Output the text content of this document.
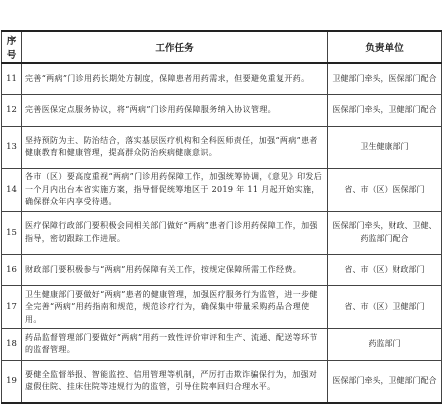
序号	工作任务	负责单位
11	完善“两病”门诊用药长期处方制度，保障患者用药需求，但要避免重复开药。	卫健部门牵头，医保部门配合
12	完善医保定点服务协议，将“两病”门诊用药保障服务纳入协议管理。	医保部门牵头，卫健部门配合
13	坚持预防为主、防治结合，落实基层医疗机构和全科医师责任，加强“两病”患者健康教育和健康管理，提高群众防治疾病健康意识。	卫生健康部门
14	各市（区）要高度重视“两病”门诊用药保障工作，加强统筹协调，《意见》印发后一个月内出台本省实施方案，指导督促统筹地区于 2019 年 11 月起开始实施，确保群众年内享受待遇。	省、市（区）医保部门
15	医疗保障行政部门要积极会同相关部门做好“两病”患者门诊用药保障工作，加强指导，密切跟踪工作进展。	医保部门牵头，财政、卫健、药监部门配合
16	财政部门要积极参与“两病”用药保障有关工作，按规定保障所需工作经费。	省、市（区）财政部门
17	卫生健康部门要做好“两病”患者的健康管理，加强医疗服务行为监管，进一步健全完善“两病”用药指南和规范，规范诊疗行为，确保集中带量采购药品合理使用。	省、市（区）卫健部门
18	药品监督管理部门要做好“两病”用药一致性评价审评和生产、流通、配送等环节的监督管理。	药监部门
19	要健全监督举报、智能监控、信用管理等机制，严厉打击欺诈骗保行为，加强对虚假住院、挂床住院等违规行为的监管，引导住院率回归合理水平。	医保部门牵头，卫健部门配合
